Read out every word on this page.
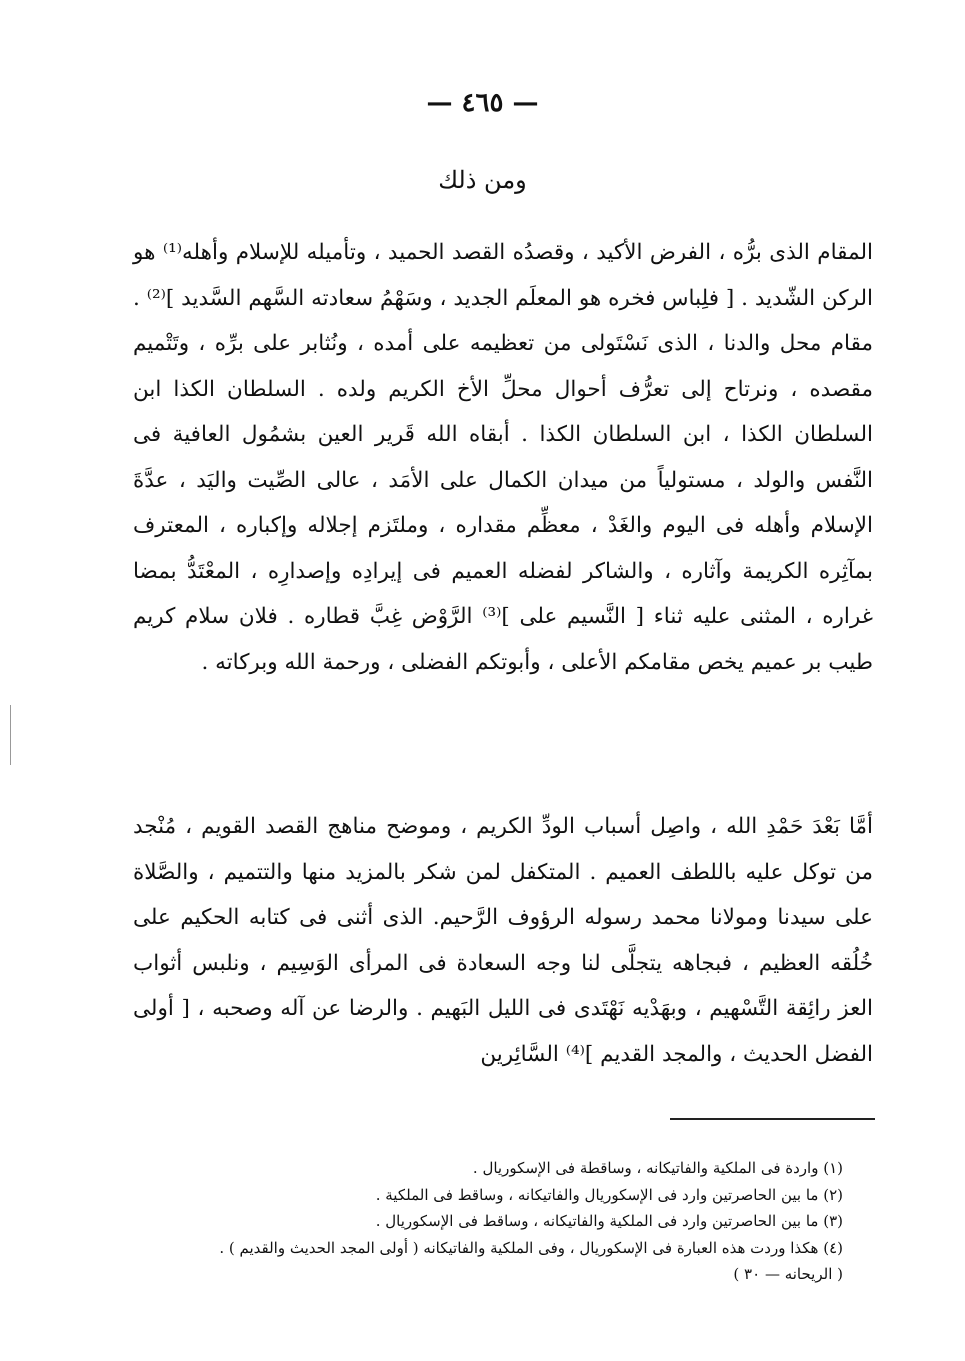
— ٤٦٥ —
ومن ذلك

المقام الذى برُّه ، الفرض الأكيد ، وقصدُه القصد الحميد ، وتأميله للإسلام وأهله⁽¹⁾ هو الركن الشّديد . [ فلِباس فخره هو المعلَم الجديد ، وسَهْمُ سعادته السَّهم السَّديد ]⁽²⁾ . مقام محل والدنا ، الذى نَسْتَولى من تعظيمه على أمده ، ونُثابر على برِّه ، وتَتْميم مقصده ، ونرتاح إلى تعرُّف أحوال محلِّ الأخ الكريم ولده . السلطان الكذا ابن السلطان الكذا ، ابن السلطان الكذا . أبقاه الله قَرير العين بشمُول العافية فى النَّفس والولد ، مستولياً من ميدان الكمال على الأمَد ، عالى الصِّيت واليَد ، عدَّةَ الإسلام وأهله فى اليوم والغَدْ ، معظِّم مقداره ، وملتَزم إجلاله وإكباره ، المعترف بمآثِره الكريمة وآثاره ، والشاكر لفضله العميم فى إيرادِه وإصدارِه ، المعْتَدُّ بمضا غراره ، المثنى عليه ثناء [ النَّسيم على ]⁽³⁾ الرَّوْض غِبَّ قطاره . فلان سلام كريم طيب بر عميم يخص مقامكم الأعلى ، وأبوتكم الفضلى ، ورحمة الله وبركاته .

أمَّا بَعْدَ حَمْدِ الله ، واصِل أسباب الودِّ الكريم ، وموضح مناهج القصد القويم ، مُنْجد من توكل عليه باللطف العميم . المتكفل لمن شكر بالمزيد منها والتتميم ، والصَّلاة على سيدنا ومولانا محمد رسوله الرؤوف الرَّحيم. الذى أثنى فى كتابه الحكيم على خُلُقه العظيم ، فبجاهه يتجلَّى لنا وجه السعادة فى المرأى الوَسِيم ، ونلبس أثواب العز رائِقة التَّسْهيم ، وبهَدْيه نَهْتَدى فى الليل البَهيم . والرضا عن آله وصحبه ، [ أولى الفضل الحديث ، والمجد القديم ]⁽⁴⁾ السَّائِرين

(١) واردة فى الملكية والفاتيكانه ، وساقطة فى الإسكوريال .
(٢) ما بين الحاصرتين وارد فى الإسكوريال والفاتيكانه ، وساقط فى الملكية .
(٣) ما بين الحاصرتين وارد فى الملكية والفاتيكانه ، وساقط فى الإسكوريال .
(٤) هكذا وردت هذه العبارة فى الإسكوريال ، وفى الملكية والفاتيكانه ( أولى المجد الحديث والقديم ) .
( الريحانه — ٣٠ )
